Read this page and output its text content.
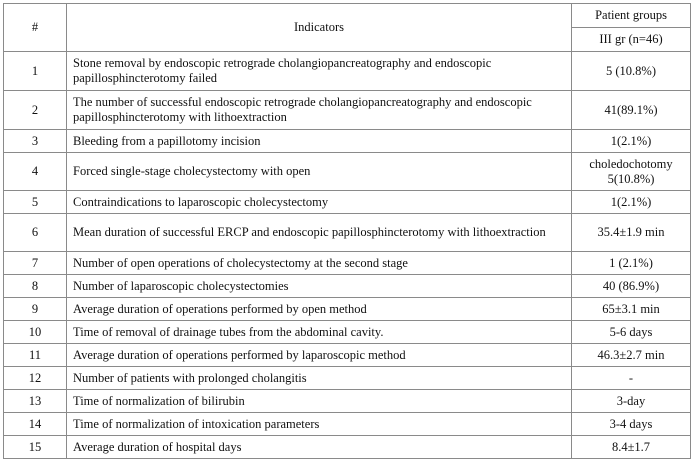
#	Indicators	Patient groups
		III gr (n=46)
1	Stone removal by endoscopic retrograde cholangiopancreatography and endoscopic papillosphincterotomy failed	5 (10.8%)
2	The number of successful endoscopic retrograde cholangiopancreatography and endoscopic papillosphincterotomy with lithoextraction	41(89.1%)
3	Bleeding from a papillotomy incision	1(2.1%)
4	Forced single-stage cholecystectomy with open	choledochotomy 5(10.8%)
5	Contraindications to laparoscopic cholecystectomy	1(2.1%)
6	Mean duration of successful ERCP and endoscopic papillosphincterotomy with lithoextraction	35.4±1.9 min
7	Number of open operations of cholecystectomy at the second stage	1 (2.1%)
8	Number of laparoscopic cholecystectomies	40 (86.9%)
9	Average duration of operations performed by open method	65±3.1 min
10	Time of removal of drainage tubes from the abdominal cavity.	5-6 days
11	Average duration of operations performed by laparoscopic method	46.3±2.7 min
12	Number of patients with prolonged cholangitis	-
13	Time of normalization of bilirubin	3-day
14	Time of normalization of intoxication parameters	3-4 days
15	Average duration of hospital days	8.4±1.7
